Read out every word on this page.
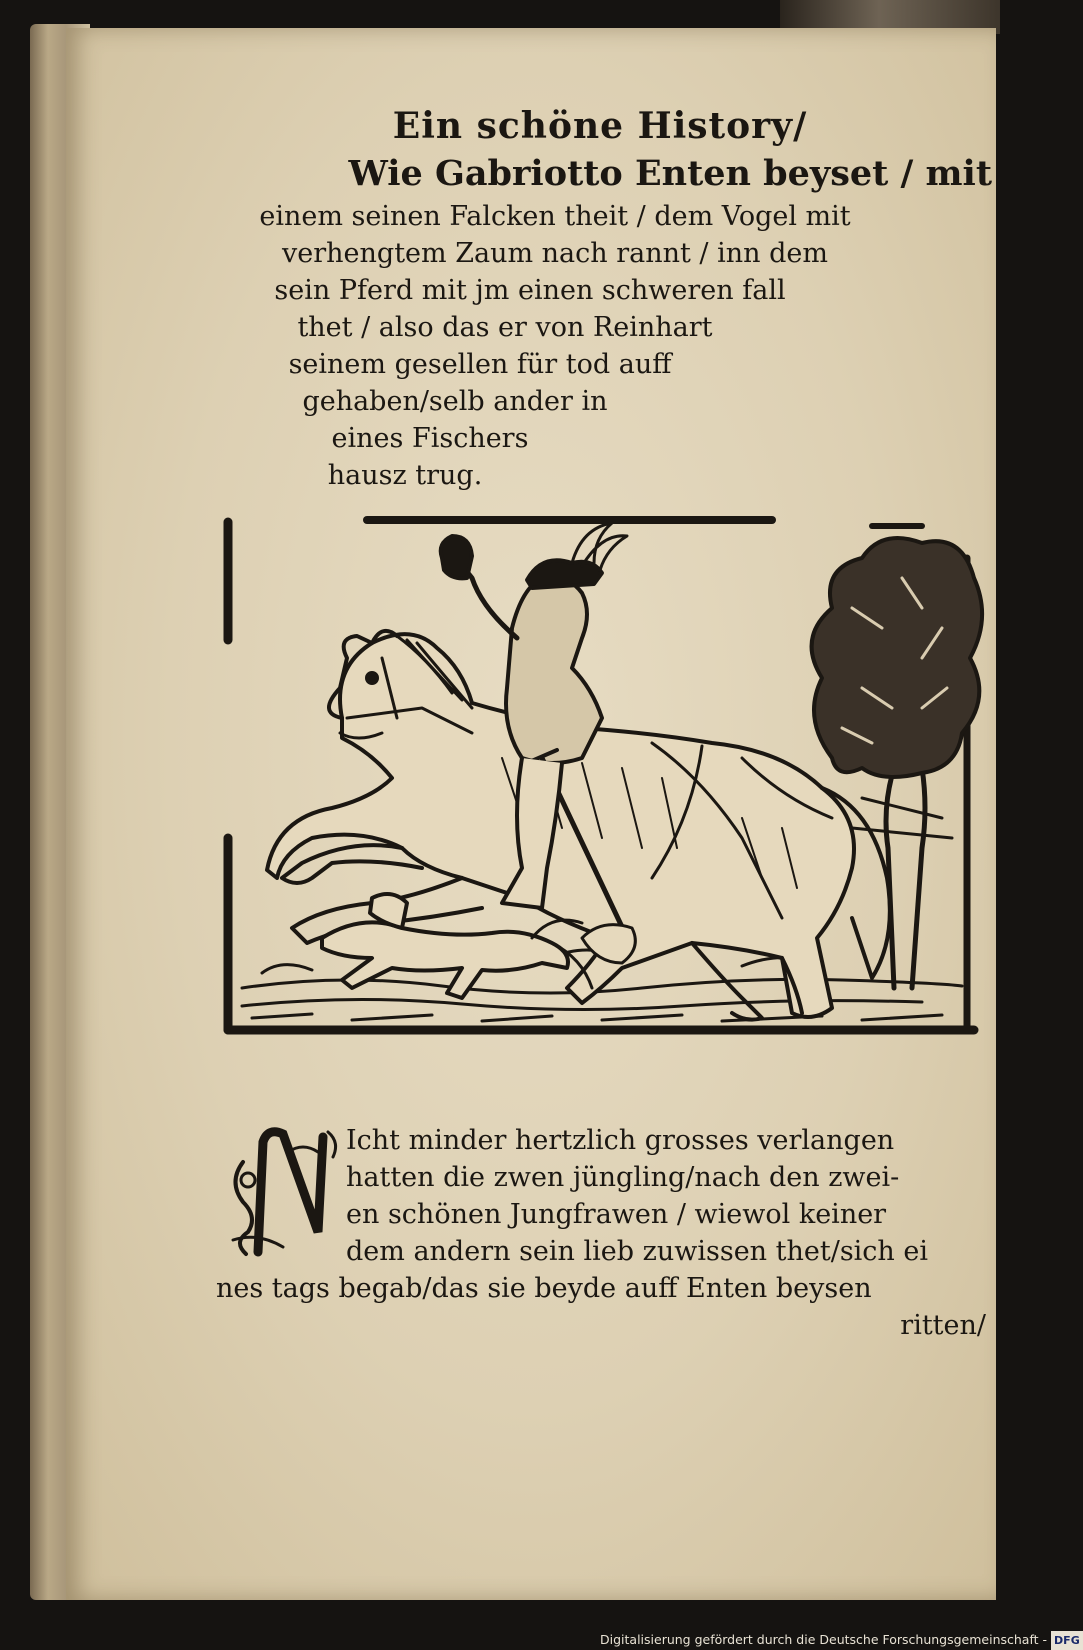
Ein schöne History/
Wie Gabriotto Enten beyset / mit
einem seinen Falcken theit / dem Vogel mit
verhengtem Zaum nach rannt / inn dem
sein Pferd mit jm einen schweren fall
thet / also das er von Reinhart
seinem gesellen für tod auff
gehaben/selb ander in
eines Fischers
hausz trug.
Icht minder hertzlich grosses verlangen
hatten die zwen jüngling/nach den zwei-
en schönen Jungfrawen / wiewol keiner
dem andern sein lieb zuwissen thet/sich ei
nes tags begab/das sie beyde auff Enten beysen
ritten/
Digitalisierung gefördert durch die Deutsche Forschungsgemeinschaft - DFG
